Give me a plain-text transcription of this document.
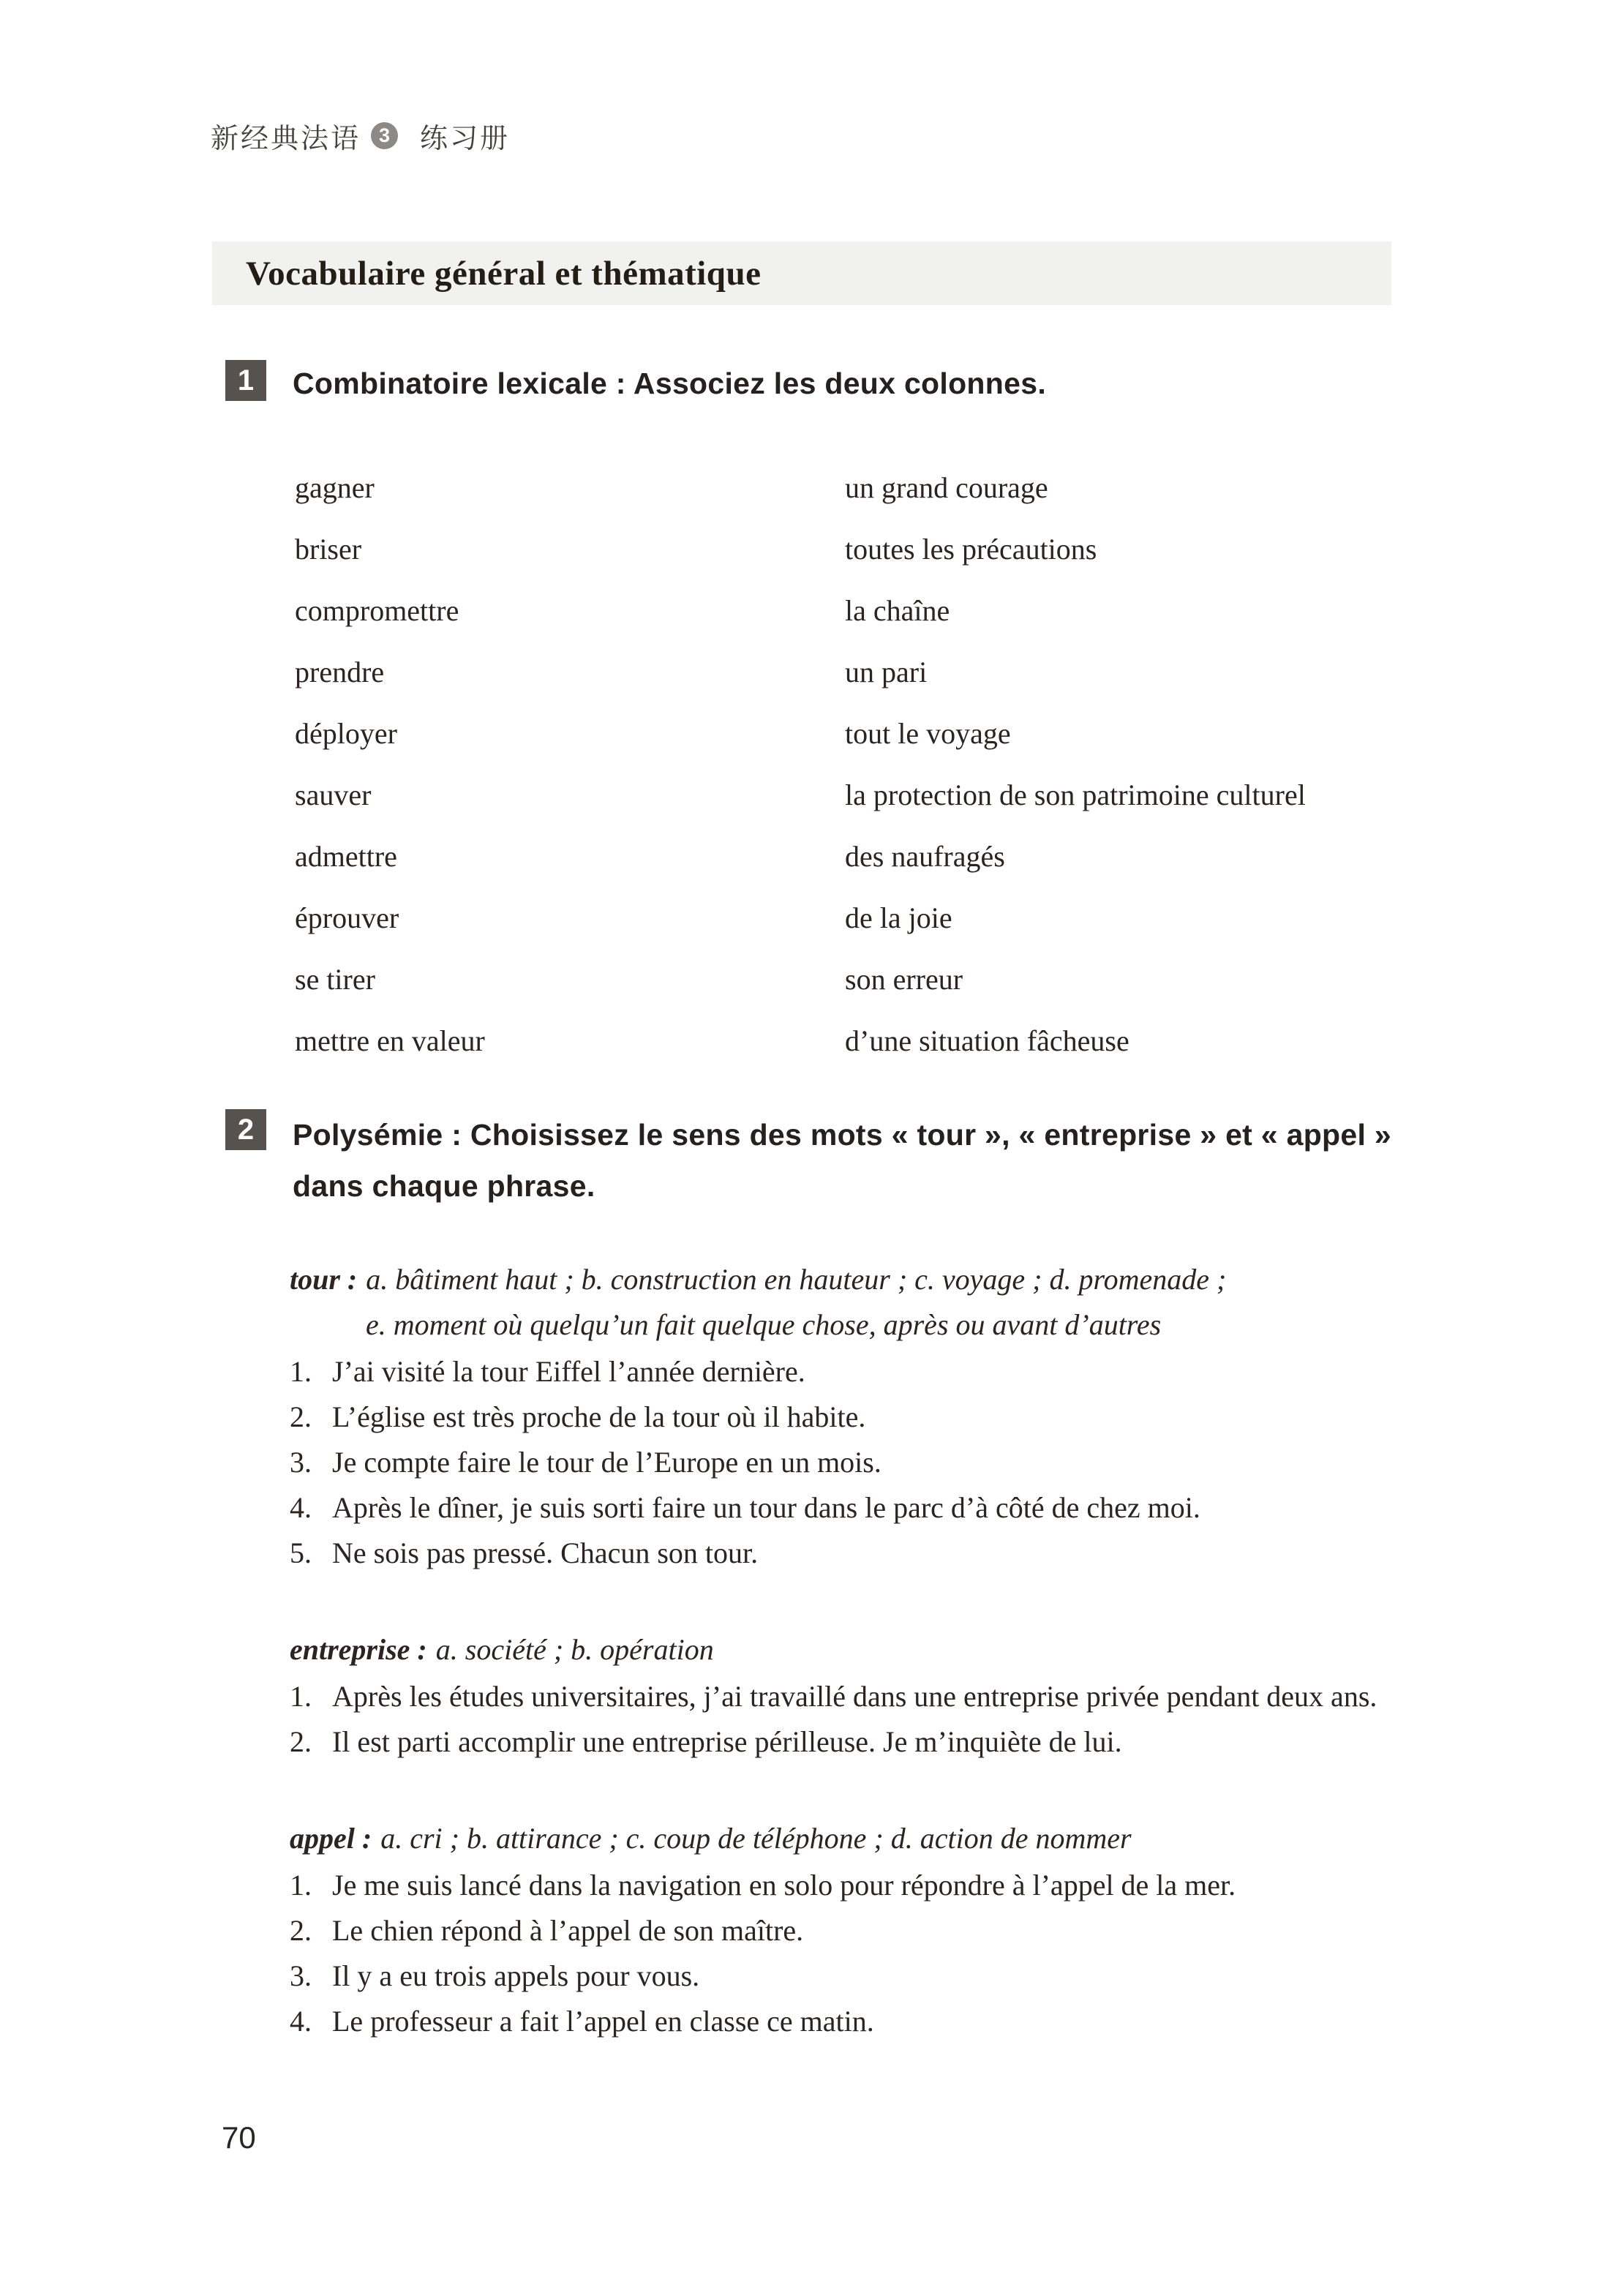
新经典法语 3 练习册
Vocabulaire général et thématique
1	Combinatoire lexicale : Associez les deux colonnes.
gagner	un grand courage
briser	toutes les précautions
compromettre	la chaîne
prendre	un pari
déployer	tout le voyage
sauver	la protection de son patrimoine culturel
admettre	des naufragés
éprouver	de la joie
se tirer	son erreur
mettre en valeur	d’une situation fâcheuse
2	Polysémie : Choisissez le sens des mots « tour », « entreprise » et « appel »
dans chaque phrase.
tour : a. bâtiment haut ; b. construction en hauteur ; c. voyage ; d. promenade ;
e. moment où quelqu’un fait quelque chose, après ou avant d’autres
1. J’ai visité la tour Eiffel l’année dernière.
2. L’église est très proche de la tour où il habite.
3. Je compte faire le tour de l’Europe en un mois.
4. Après le dîner, je suis sorti faire un tour dans le parc d’à côté de chez moi.
5. Ne sois pas pressé. Chacun son tour.
entreprise : a. société ; b. opération
1. Après les études universitaires, j’ai travaillé dans une entreprise privée pendant deux ans.
2. Il est parti accomplir une entreprise périlleuse. Je m’inquiète de lui.
appel : a. cri ; b. attirance ; c. coup de téléphone ; d. action de nommer
1. Je me suis lancé dans la navigation en solo pour répondre à l’appel de la mer.
2. Le chien répond à l’appel de son maître.
3. Il y a eu trois appels pour vous.
4. Le professeur a fait l’appel en classe ce matin.
70
